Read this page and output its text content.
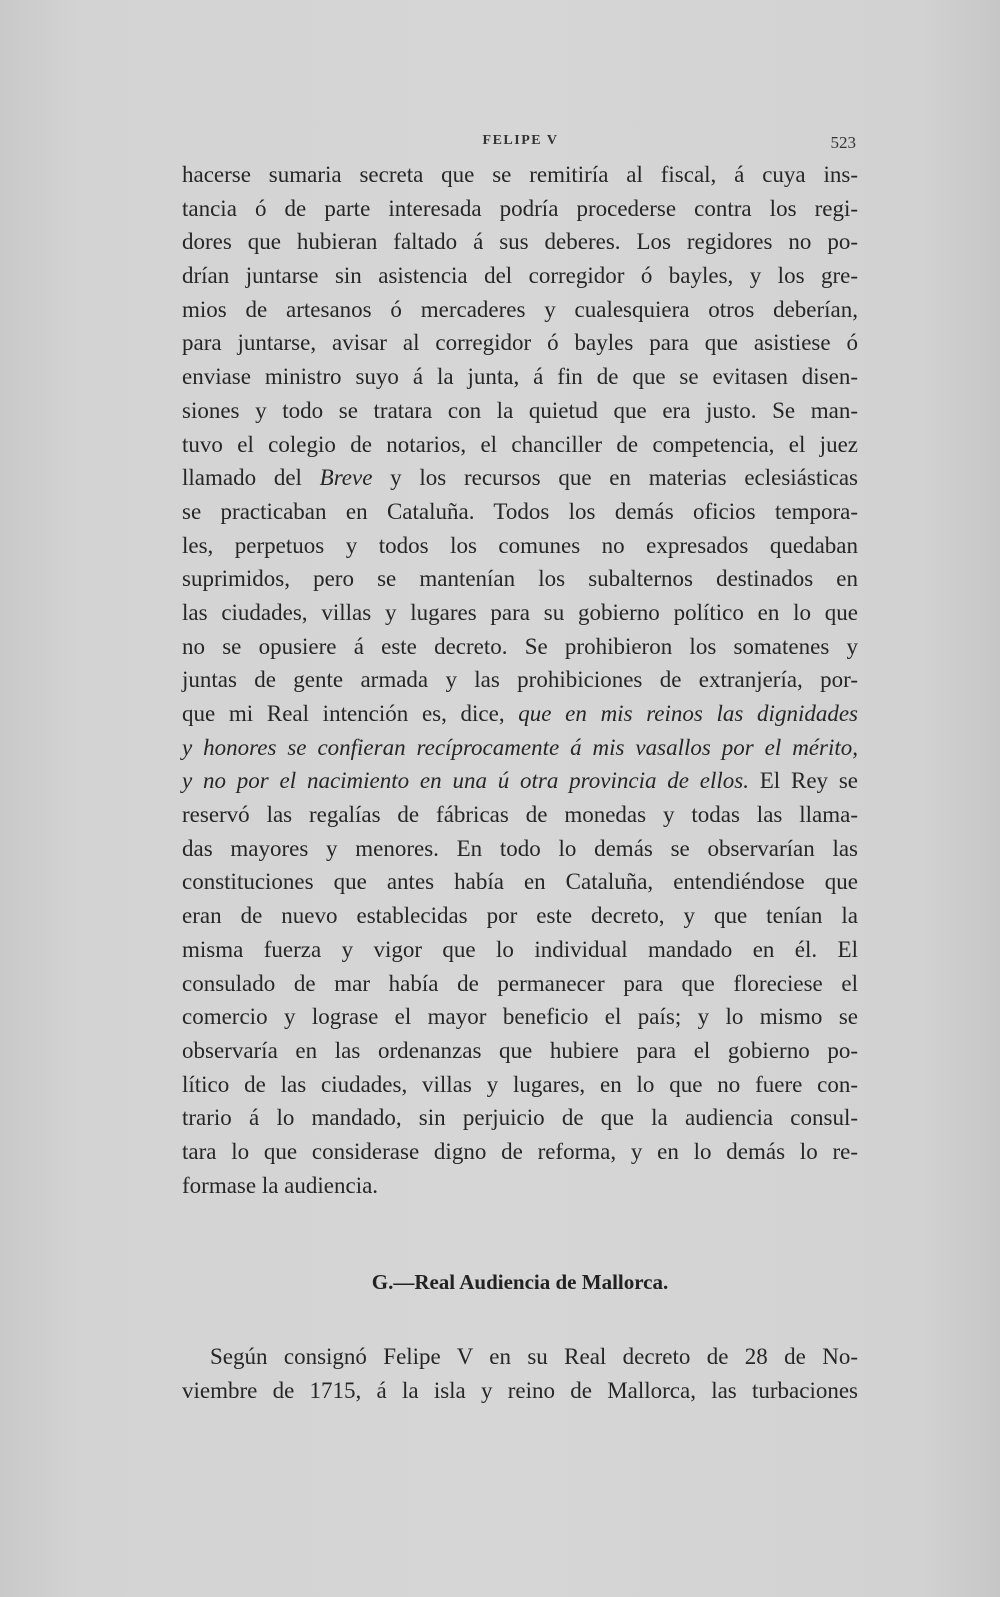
FELIPE V	523
hacerse sumaria secreta que se remitiría al fiscal, á cuya ins-
tancia ó de parte interesada podría procederse contra los regi-
dores que hubieran faltado á sus deberes. Los regidores no po-
drían juntarse sin asistencia del corregidor ó bayles, y los gre-
mios de artesanos ó mercaderes y cualesquiera otros deberían,
para juntarse, avisar al corregidor ó bayles para que asistiese ó
enviase ministro suyo á la junta, á fin de que se evitasen disen-
siones y todo se tratara con la quietud que era justo. Se man-
tuvo el colegio de notarios, el chanciller de competencia, el juez
llamado del Breve y los recursos que en materias eclesiásticas
se practicaban en Cataluña. Todos los demás oficios tempora-
les, perpetuos y todos los comunes no expresados quedaban
suprimidos, pero se mantenían los subalternos destinados en
las ciudades, villas y lugares para su gobierno político en lo que
no se opusiere á este decreto. Se prohibieron los somatenes y
juntas de gente armada y las prohibiciones de extranjería, por-
que mi Real intención es, dice, que en mis reinos las dignidades
y honores se confieran recíprocamente á mis vasallos por el mérito,
y no por el nacimiento en una ú otra provincia de ellos. El Rey se
reservó las regalías de fábricas de monedas y todas las llama-
das mayores y menores. En todo lo demás se observarían las
constituciones que antes había en Cataluña, entendiéndose que
eran de nuevo establecidas por este decreto, y que tenían la
misma fuerza y vigor que lo individual mandado en él. El
consulado de mar había de permanecer para que floreciese el
comercio y lograse el mayor beneficio el país; y lo mismo se
observaría en las ordenanzas que hubiere para el gobierno po-
lítico de las ciudades, villas y lugares, en lo que no fuere con-
trario á lo mandado, sin perjuicio de que la audiencia consul-
tara lo que considerase digno de reforma, y en lo demás lo re-
formase la audiencia.
G.—Real Audiencia de Mallorca.
Según consignó Felipe V en su Real decreto de 28 de No-
viembre de 1715, á la isla y reino de Mallorca, las turbaciones
